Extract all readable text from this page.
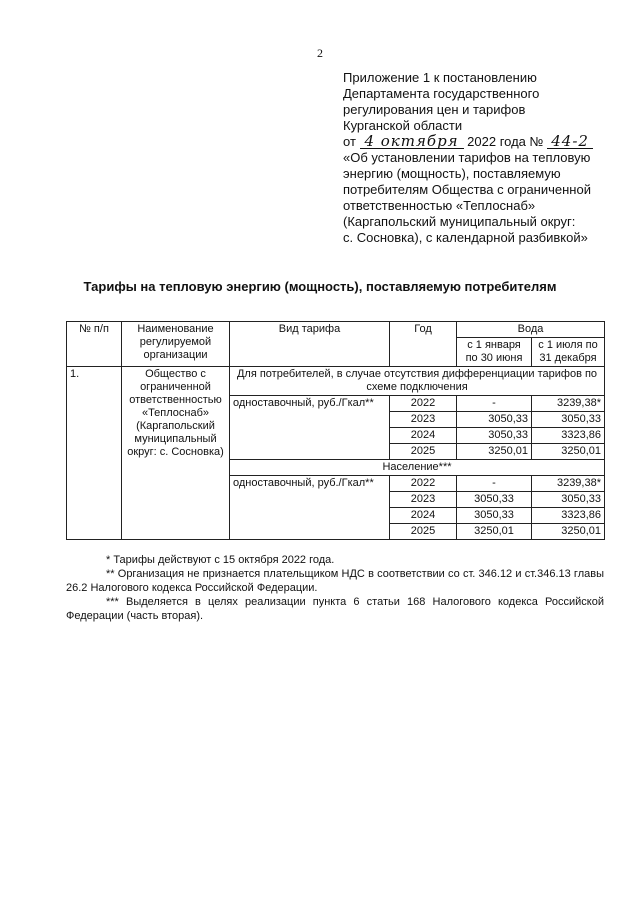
2
Приложение 1 к постановлению
Департамента государственного
регулирования цен и тарифов
Курганской области
от 4 октября 2022 года № 44-2
«Об установлении тарифов на тепловую
энергию (мощность), поставляемую
потребителям Общества с ограниченной
ответственностью «Теплоснаб»
(Каргапольский муниципальный округ:
с. Сосновка), с календарной разбивкой»
Тарифы на тепловую энергию (мощность), поставляемую потребителям
№ п/п	Наименование регулируемой организации	Вид тарифа	Год	Вода	
				с 1 января по 30 июня	с 1 июля по 31 декабря
1.	Общество с ограниченной ответственностью «Теплоснаб» (Каргапольский муниципальный округ: с. Сосновка)	Для потребителей, в случае отсутствия дифференциации тарифов по схеме подключения			
		одноставочный, руб./Гкал**	2022	-	3239,38*
			2023	3050,33	3050,33
			2024	3050,33	3323,86
			2025	3250,01	3250,01
		Население***			
		одноставочный, руб./Гкал**	2022	-	3239,38*
			2023	3050,33	3050,33
			2024	3050,33	3323,86
			2025	3250,01	3250,01

* Тарифы действуют с 15 октября 2022 года.

** Организация не признается плательщиком НДС в соответствии со ст. 346.12 и ст.346.13 главы 26.2 Налогового кодекса Российской Федерации.

*** Выделяется в целях реализации пункта 6 статьи 168 Налогового кодекса Российской Федерации (часть вторая).
